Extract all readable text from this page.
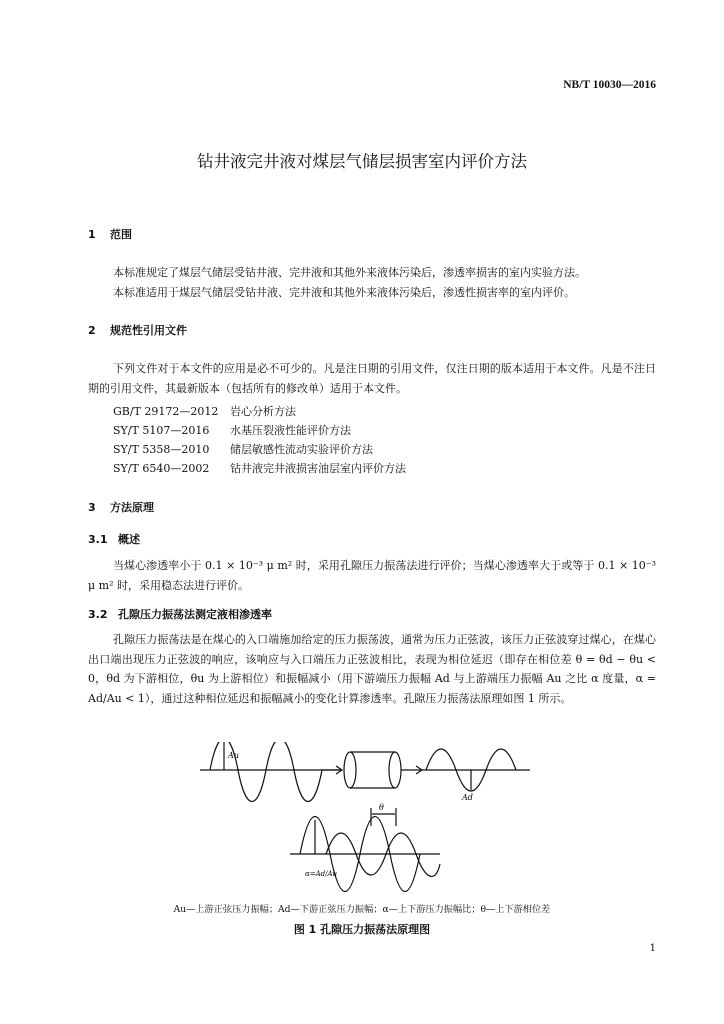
NB/T 10030—2016
钻井液完井液对煤层气储层损害室内评价方法
1 范围

本标准规定了煤层气储层受钻井液、完井液和其他外来液体污染后，渗透率损害的室内实验方法。

本标准适用于煤层气储层受钻井液、完井液和其他外来液体污染后，渗透性损害率的室内评价。

2 规范性引用文件

下列文件对于本文件的应用是必不可少的。凡是注日期的引用文件，仅注日期的版本适用于本文件。凡是不注日期的引用文件，其最新版本（包括所有的修改单）适用于本文件。

GB/T 29172—2012 岩心分析方法
SY/T 5107—2016 水基压裂液性能评价方法
SY/T 5358—2010 储层敏感性流动实验评价方法
SY/T 6540—2002 钻井液完井液损害油层室内评价方法
3 方法原理
3.1 概述

当煤心渗透率小于 0.1 × 10⁻³ μ m² 时，采用孔隙压力振荡法进行评价；当煤心渗透率大于或等于 0.1 × 10⁻³ μ m² 时，采用稳态法进行评价。

3.2 孔隙压力振荡法测定液相渗透率

孔隙压力振荡法是在煤心的入口端施加给定的压力振荡波，通常为压力正弦波，该压力正弦波穿过煤心，在煤心出口端出现压力正弦波的响应，该响应与入口端压力正弦波相比，表现为相位延迟（即存在相位差 θ = θd − θu < 0，θd 为下游相位，θu 为上游相位）和振幅减小（用下游端压力振幅 Ad 与上游端压力振幅 Au 之比 α 度量，α = Ad/Au < 1），通过这种相位延迟和振幅减小的变化计算渗透率。孔隙压力振荡法原理如图 1 所示。

Au
Ad
θ
α=Ad/Au
Au—上游正弦压力振幅；Ad—下游正弦压力振幅；α—上下游压力振幅比；θ—上下游相位差
图 1 孔隙压力振荡法原理图
1
